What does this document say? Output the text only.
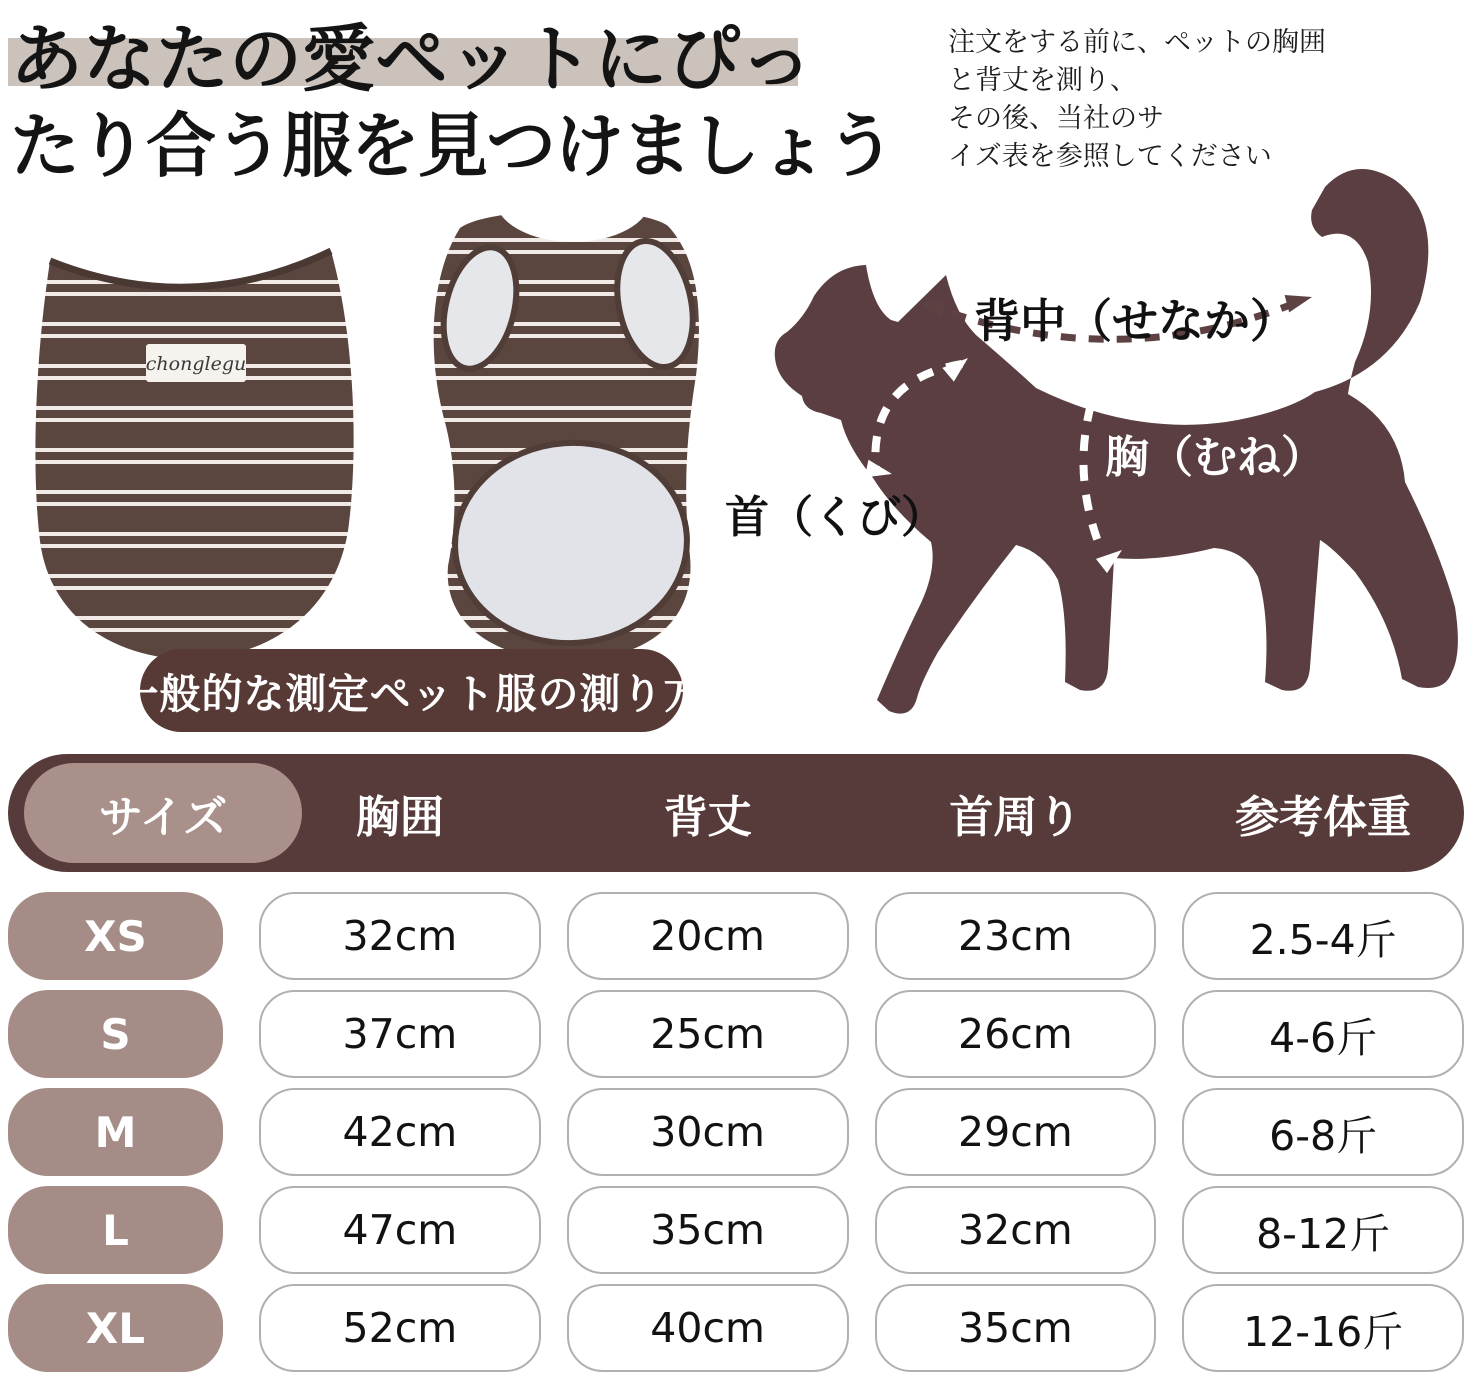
あなたの愛ペットにぴっ
たり合う服を見つけましょう
注文をする前に、ペットの胸囲
と背丈を測り、
その後、当社のサ
イズ表を参照してください
chonglegu
一般的な測定ペット服の測り方
背中（せなか）
首（くび）
胸（むね）
サイズ	胸囲	背丈	首周り	参考体重
XS	32cm	20cm	23cm	2.5-4斤
S	37cm	25cm	26cm	4-6斤
M	42cm	30cm	29cm	6-8斤
L	47cm	35cm	32cm	8-12斤
XL	52cm	40cm	35cm	12-16斤
